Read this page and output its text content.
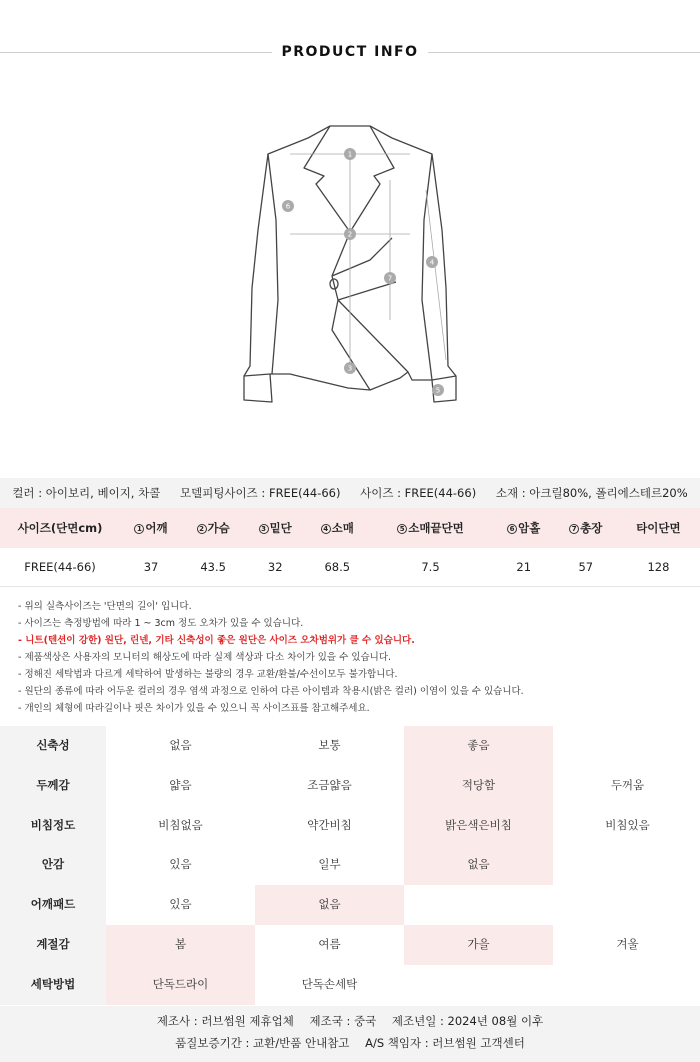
PRODUCT INFO
1
2
3
4
5
6
7
컬러 : 아이보리, 베이지, 차콜 모델피팅사이즈 : FREE(44-66) 사이즈 : FREE(44-66) 소재 : 아크릴80%, 폴리에스테르20%
사이즈(단면cm)	1 어깨	2 가슴	3 밑단	4 소매	5 소매끝단면	6 암홀	7 총장	타이단면
FREE(44-66)	37	43.5	32	68.5	7.5	21	57	128
- 위의 실측사이즈는 '단면의 길이' 입니다.
- 사이즈는 측정방법에 따라 1 ~ 3cm 정도 오차가 있을 수 있습니다.
- 니트(텐션이 강한) 원단, 린넨, 기타 신축성이 좋은 원단은 사이즈 오차범위가 클 수 있습니다.
- 제품색상은 사용자의 모니터의 해상도에 따라 실제 색상과 다소 차이가 있을 수 있습니다.
- 정해진 세탁법과 다르게 세탁하여 발생하는 불량의 경우 교환/환불/수선이모두 불가합니다.
- 원단의 종류에 따라 어두운 컬러의 경우 염색 과정으로 인하여 다른 아이템과 착용시(밝은 컬러) 이염이 있을 수 있습니다.
- 개인의 체형에 따라길이나 핏은 차이가 있을 수 있으니 꼭 사이즈표를 참고해주세요.
신축성	없음	보통	좋음
두께감	얇음	조금얇음	적당함	두꺼움
비침정도	비침없음	약간비침	밝은색은비침	비침있음
안감	있음	일부	없음
어깨패드	있음	없음
계절감	봄	여름	가을	겨울
세탁방법	단독드라이	단독손세탁
제조사 : 러브썸원 제휴업체 제조국 : 중국 제조년일 : 2024년 08월 이후
품질보증기간 : 교환/반품 안내참고 A/S 책임자 : 러브썸원 고객센터
